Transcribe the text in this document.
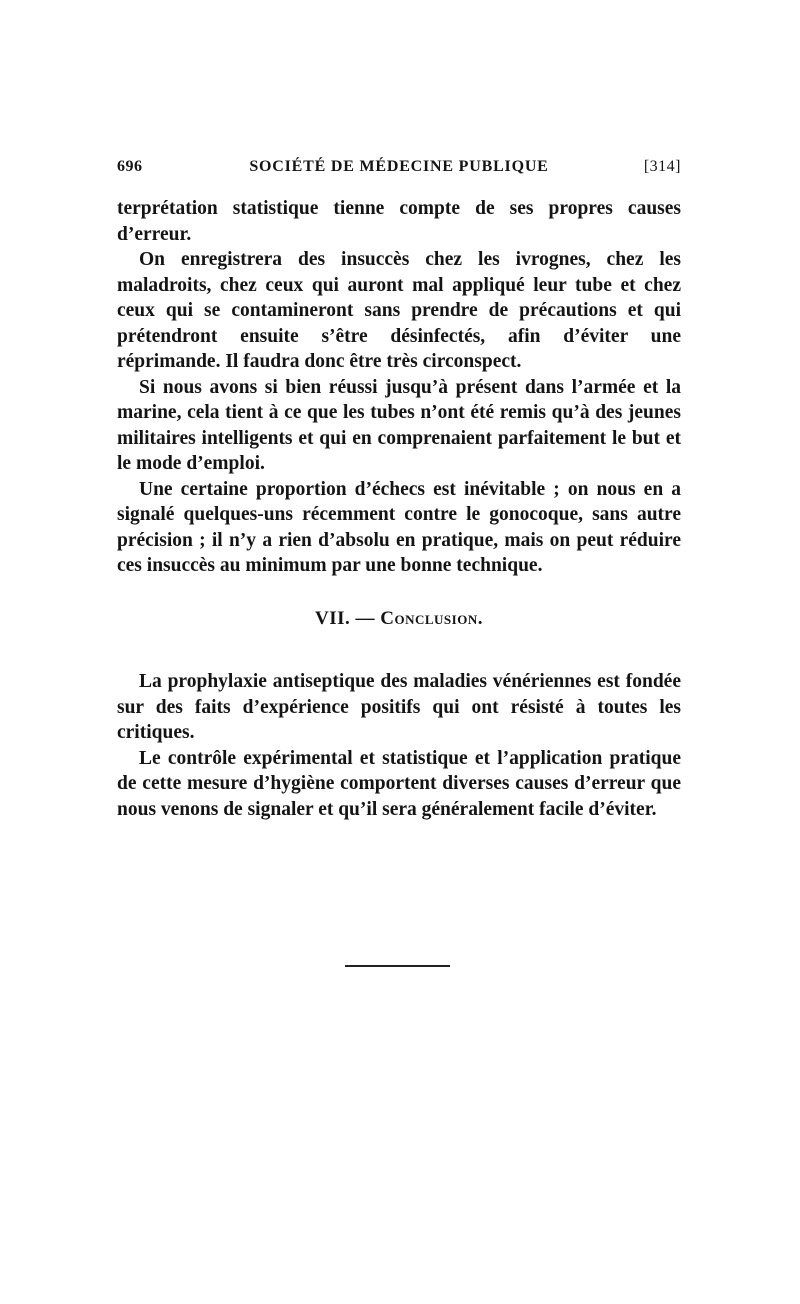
696	SOCIÉTÉ DE MÉDECINE PUBLIQUE	[314]

terprétation statistique tienne compte de ses propres causes d’erreur.

On enregistrera des insuccès chez les ivrognes, chez les maladroits, chez ceux qui auront mal appliqué leur tube et chez ceux qui se contamineront sans prendre de précautions et qui prétendront ensuite s’être désinfectés, afin d’éviter une réprimande. Il faudra donc être très circonspect.

Si nous avons si bien réussi jusqu’à présent dans l’armée et la marine, cela tient à ce que les tubes n’ont été remis qu’à des jeunes militaires intelligents et qui en comprenaient parfaitement le but et le mode d’emploi.

Une certaine proportion d’échecs est inévitable ; on nous en a signalé quelques-uns récemment contre le gonocoque, sans autre précision ; il n’y a rien d’absolu en pratique, mais on peut réduire ces insuccès au minimum par une bonne technique.

VII. — Conclusion.

La prophylaxie antiseptique des maladies vénériennes est fondée sur des faits d’expérience positifs qui ont résisté à toutes les critiques.

Le contrôle expérimental et statistique et l’application pratique de cette mesure d’hygiène comportent diverses causes d’erreur que nous venons de signaler et qu’il sera généralement facile d’éviter.
